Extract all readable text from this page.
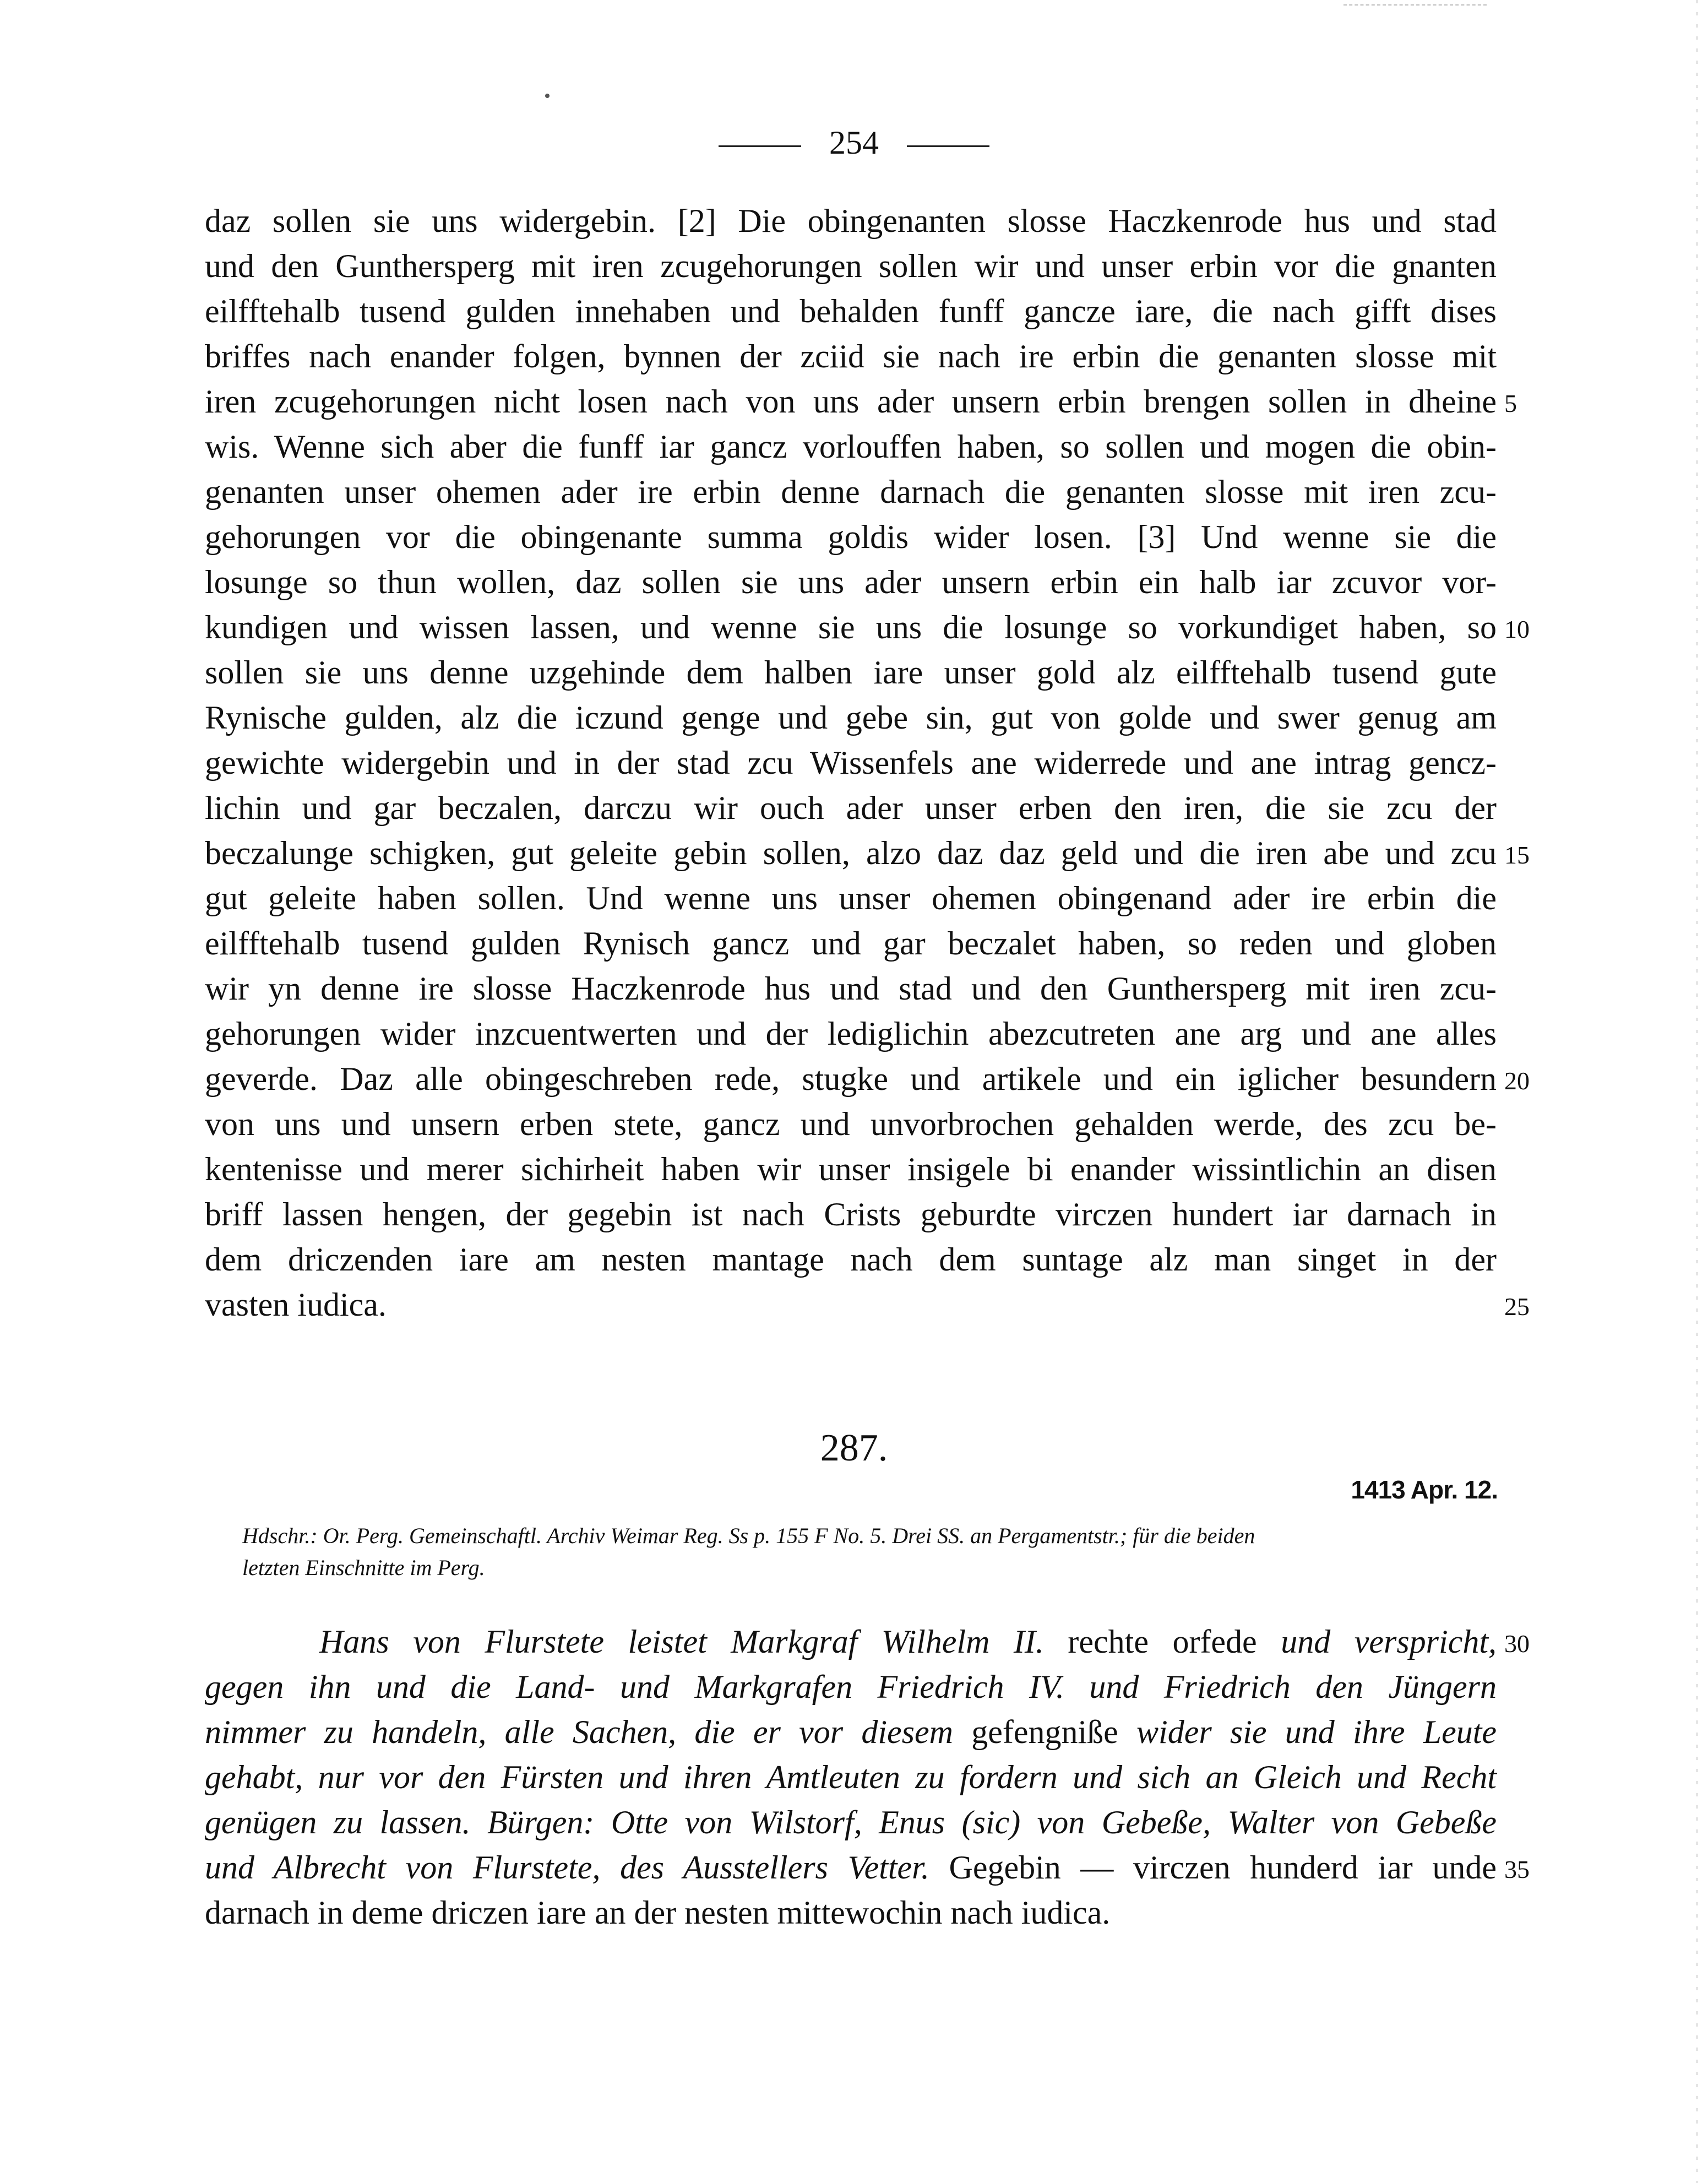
254
daz sollen sie uns widergebin. [2] Die obingenanten slosse Haczkenrode hus und stad
und den Gunthersperg mit iren zcugehorungen sollen wir und unser erbin vor die gnanten
eilfftehalb tusend gulden innehaben und behalden funff gancze iare, die nach gifft dises
briffes nach enander folgen, bynnen der zciid sie nach ire erbin die genanten slosse mit
iren zcugehorungen nicht losen nach von uns ader unsern erbin brengen sollen in dheine 5
wis. Wenne sich aber die funff iar gancz vorlouffen haben, so sollen und mogen die obin-
genanten unser ohemen ader ire erbin denne darnach die genanten slosse mit iren zcu-
gehorungen vor die obingenante summa goldis wider losen. [3] Und wenne sie die
losunge so thun wollen, daz sollen sie uns ader unsern erbin ein halb iar zcuvor vor-
kundigen und wissen lassen, und wenne sie uns die losunge so vorkundiget haben, so 10
sollen sie uns denne uzgehinde dem halben iare unser gold alz eilfftehalb tusend gute
Rynische gulden, alz die iczund genge und gebe sin, gut von golde und swer genug am
gewichte widergebin und in der stad zcu Wissenfels ane widerrede und ane intrag gencz-
lichin und gar beczalen, darczu wir ouch ader unser erben den iren, die sie zcu der
beczalunge schigken, gut geleite gebin sollen, alzo daz daz geld und die iren abe und zcu 15
gut geleite haben sollen. Und wenne uns unser ohemen obingenand ader ire erbin die
eilfftehalb tusend gulden Rynisch gancz und gar beczalet haben, so reden und globen
wir yn denne ire slosse Haczkenrode hus und stad und den Gunthersperg mit iren zcu-
gehorungen wider inzcuentwerten und der lediglichin abezcutreten ane arg und ane alles
geverde. Daz alle obingeschreben rede, stugke und artikele und ein iglicher besundern 20
von uns und unsern erben stete, gancz und unvorbrochen gehalden werde, des zcu be-
kentenisse und merer sichirheit haben wir unser insigele bi enander wissintlichin an disen
briff lassen hengen, der gegebin ist nach Crists geburdte virczen hundert iar darnach in
dem driczenden iare am nesten mantage nach dem suntage alz man singet in der
vasten iudica.	25
287.
1413 Apr. 12.
Hdschr.: Or. Perg. Gemeinschaftl. Archiv Weimar Reg. Ss p. 155 F No. 5. Drei SS. an Pergamentstr.; für die beiden
letzten Einschnitte im Perg.
Hans von Flurstete leistet Markgraf Wilhelm II. rechte orfede und verspricht, 30
gegen ihn und die Land- und Markgrafen Friedrich IV. und Friedrich den Jüngern
nimmer zu handeln, alle Sachen, die er vor diesem gefengniße wider sie und ihre Leute
gehabt, nur vor den Fürsten und ihren Amtleuten zu fordern und sich an Gleich und Recht
genügen zu lassen. Bürgen: Otte von Wilstorf, Enus (sic) von Gebeße, Walter von Gebeße
und Albrecht von Flurstete, des Ausstellers Vetter. Gegebin — virczen hunderd iar unde 35
darnach in deme driczen iare an der nesten mittewochin nach iudica.
